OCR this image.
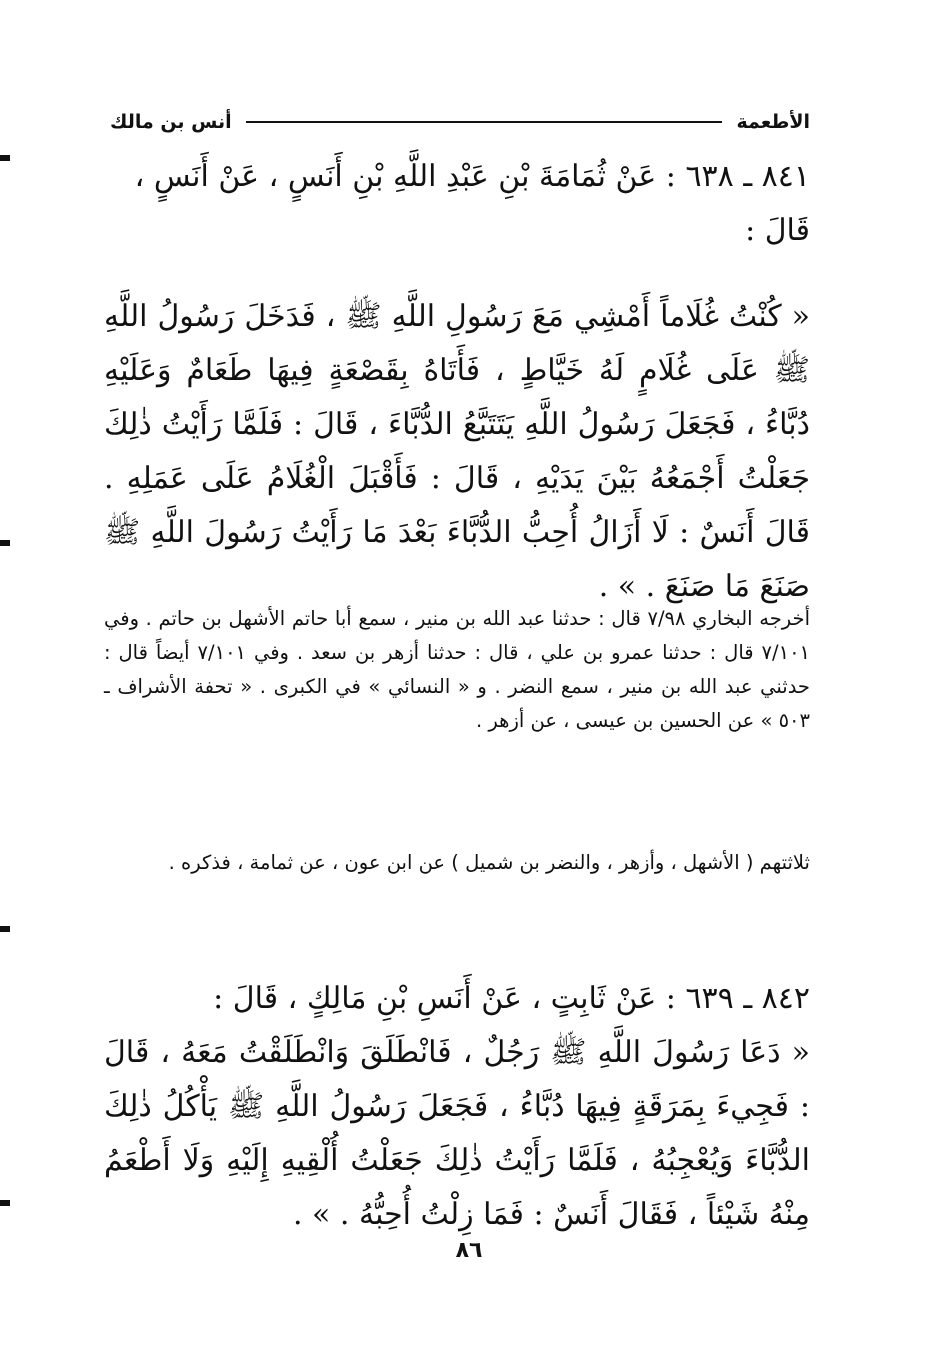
الأطعمة
أنس بن مالك

٨٤١ ـ ٦٣٨ : عَنْ ثُمَامَةَ بْنِ عَبْدِ اللَّهِ بْنِ أَنَسٍ ، عَنْ أَنَسٍ ،

قَالَ :

« كُنْتُ غُلَاماً أَمْشِي مَعَ رَسُولِ اللَّهِ ﷺ ، فَدَخَلَ رَسُولُ اللَّهِ ﷺ عَلَى غُلَامٍ لَهُ خَيَّاطٍ ، فَأَتَاهُ بِقَصْعَةٍ فِيهَا طَعَامٌ وَعَلَيْهِ دُبَّاءُ ، فَجَعَلَ رَسُولُ اللَّهِ يَتَتَبَّعُ الدُّبَّاءَ ، قَالَ : فَلَمَّا رَأَيْتُ ذٰلِكَ جَعَلْتُ أَجْمَعُهُ بَيْنَ يَدَيْهِ ، قَالَ : فَأَقْبَلَ الْغُلَامُ عَلَى عَمَلِهِ . قَالَ أَنَسٌ : لَا أَزَالُ أُحِبُّ الدُّبَّاءَ بَعْدَ مَا رَأَيْتُ رَسُولَ اللَّهِ ﷺ صَنَعَ مَا صَنَعَ . » .

أخرجه البخاري ٧/٩٨ قال : حدثنا عبد الله بن منير ، سمع أبا حاتم الأشهل بن حاتم . وفي ٧/١٠١ قال : حدثنا عمرو بن علي ، قال : حدثنا أزهر بن سعد . وفي ٧/١٠١ أيضاً قال : حدثني عبد الله بن منير ، سمع النضر . و « النسائي » في الكبرى . « تحفة الأشراف ـ ٥٠٣ » عن الحسين بن عيسى ، عن أزهر .

ثلاثتهم ( الأشهل ، وأزهر ، والنضر بن شميل ) عن ابن عون ، عن ثمامة ، فذكره .

٨٤٢ ـ ٦٣٩ : عَنْ ثَابِتٍ ، عَنْ أَنَسِ بْنِ مَالِكٍ ، قَالَ :

« دَعَا رَسُولَ اللَّهِ ﷺ رَجُلٌ ، فَانْطَلَقَ وَانْطَلَقْتُ مَعَهُ ، قَالَ : فَجِيءَ بِمَرَقَةٍ فِيهَا دُبَّاءُ ، فَجَعَلَ رَسُولُ اللَّهِ ﷺ يَأْكُلُ ذٰلِكَ الدُّبَّاءَ وَيُعْجِبُهُ ، فَلَمَّا رَأَيْتُ ذٰلِكَ جَعَلْتُ أُلْقِيهِ إِلَيْهِ وَلَا أَطْعَمُ مِنْهُ شَيْئاً ، فَقَالَ أَنَسٌ : فَمَا زِلْتُ أُحِبُّهُ . » .

٨٦
